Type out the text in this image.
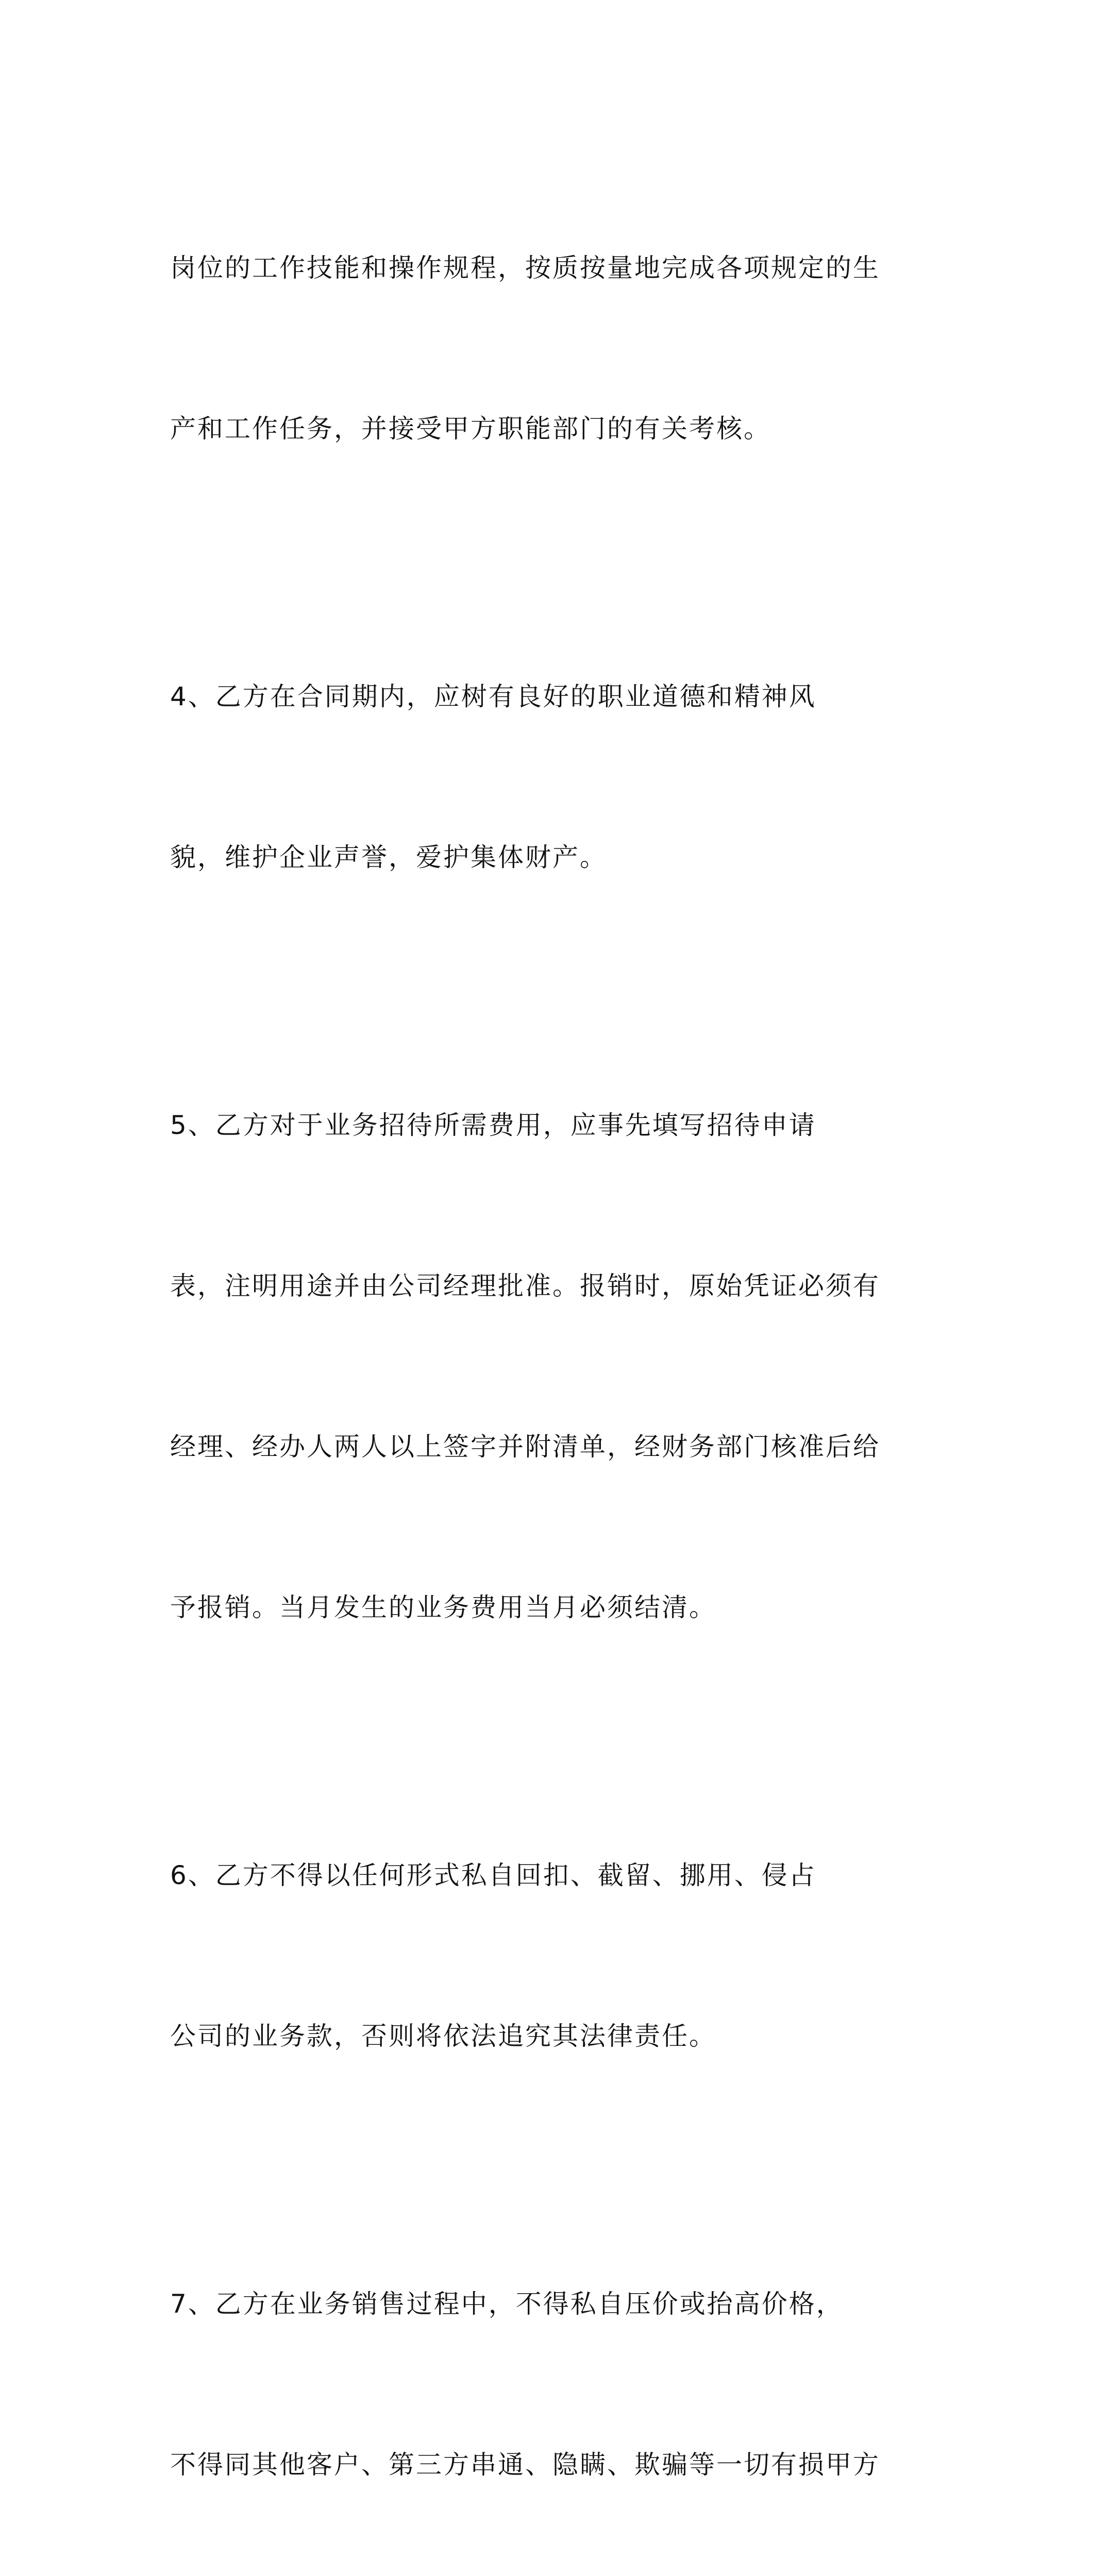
岗位的工作技能和操作规程，按质按量地完成各项规定的生

产和工作任务，并接受甲方职能部门的有关考核。

4、乙方在合同期内，应树有良好的职业道德和精神风

貌，维护企业声誉，爱护集体财产。

5、乙方对于业务招待所需费用，应事先填写招待申请

表，注明用途并由公司经理批准。报销时，原始凭证必须有

经理、经办人两人以上签字并附清单，经财务部门核准后给

予报销。当月发生的业务费用当月必须结清。

6、乙方不得以任何形式私自回扣、截留、挪用、侵占

公司的业务款，否则将依法追究其法律责任。

7、乙方在业务销售过程中，不得私自压价或抬高价格，

不得同其他客户、第三方串通、隐瞒、欺骗等一切有损甲方
